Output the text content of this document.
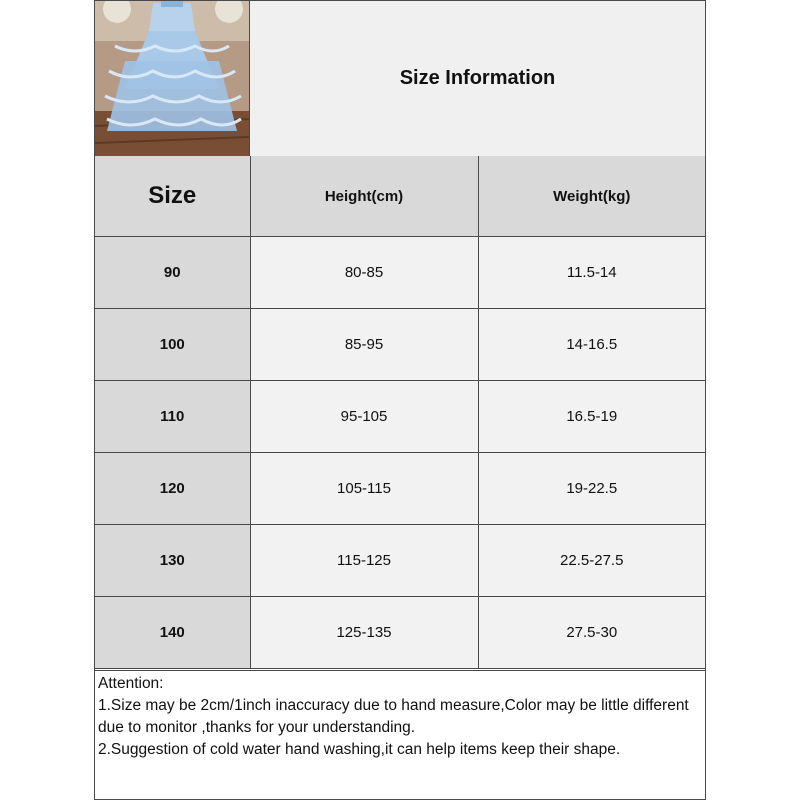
Size Information
Size	Height(cm)	Weight(kg)
90	80-85	11.5-14
100	85-95	14-16.5
110	95-105	16.5-19
120	105-115	19-22.5
130	115-125	22.5-27.5
140	125-135	27.5-30
Attention:
1.Size may be 2cm/1inch inaccuracy due to hand measure,Color may be little different due to monitor ,thanks for your understanding.
2.Suggestion of cold water hand washing,it can help items keep their shape.
